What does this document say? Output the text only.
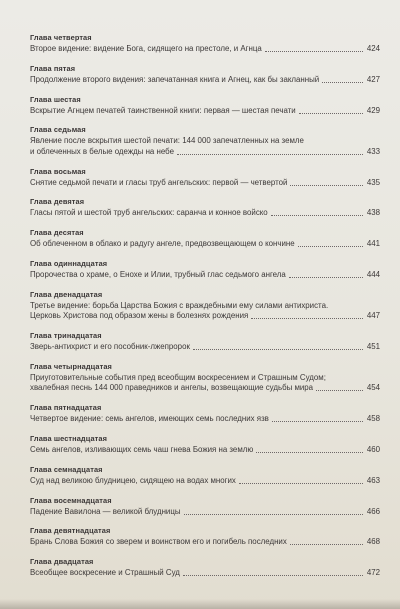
Глава четвертая
Второе видение: видение Бога, сидящего на престоле, и Агнца	424
Глава пятая
Продолжение второго видения: запечатанная книга и Агнец, как бы закланный	427
Глава шестая
Вскрытие Агнцем печатей таинственной книги: первая — шестая печати	429
Глава седьмая
Явление после вскрытия шестой печати: 144 000 запечатленных на земле
и облеченных в белые одежды на небе	433
Глава восьмая
Снятие седьмой печати и гласы труб ангельских: первой — четвертой	435
Глава девятая
Гласы пятой и шестой труб ангельских: саранча и конное войско	438
Глава десятая
Об облеченном в облако и радугу ангеле, предвозвещающем о кончине	441
Глава одиннадцатая
Пророчества о храме, о Енохе и Илии, трубный глас седьмого ангела	444
Глава двенадцатая
Третье видение: борьба Царства Божия с враждебными ему силами антихриста.
Церковь Христова под образом жены в болезнях рождения	447
Глава тринадцатая
Зверь-антихрист и его пособник-лжепророк	451
Глава четырнадцатая
Приуготовительные события пред всеобщим воскресением и Страшным Судом;
хвалебная песнь 144 000 праведников и ангелы, возвещающие судьбы мира	454
Глава пятнадцатая
Четвертое видение: семь ангелов, имеющих семь последних язв	458
Глава шестнадцатая
Семь ангелов, изливающих семь чаш гнева Божия на землю	460
Глава семнадцатая
Суд над великою блудницею, сидящею на водах многих	463
Глава восемнадцатая
Падение Вавилона — великой блудницы	466
Глава девятнадцатая
Брань Слова Божия со зверем и воинством его и погибель последних	468
Глава двадцатая
Всеобщее воскресение и Страшный Суд	472
